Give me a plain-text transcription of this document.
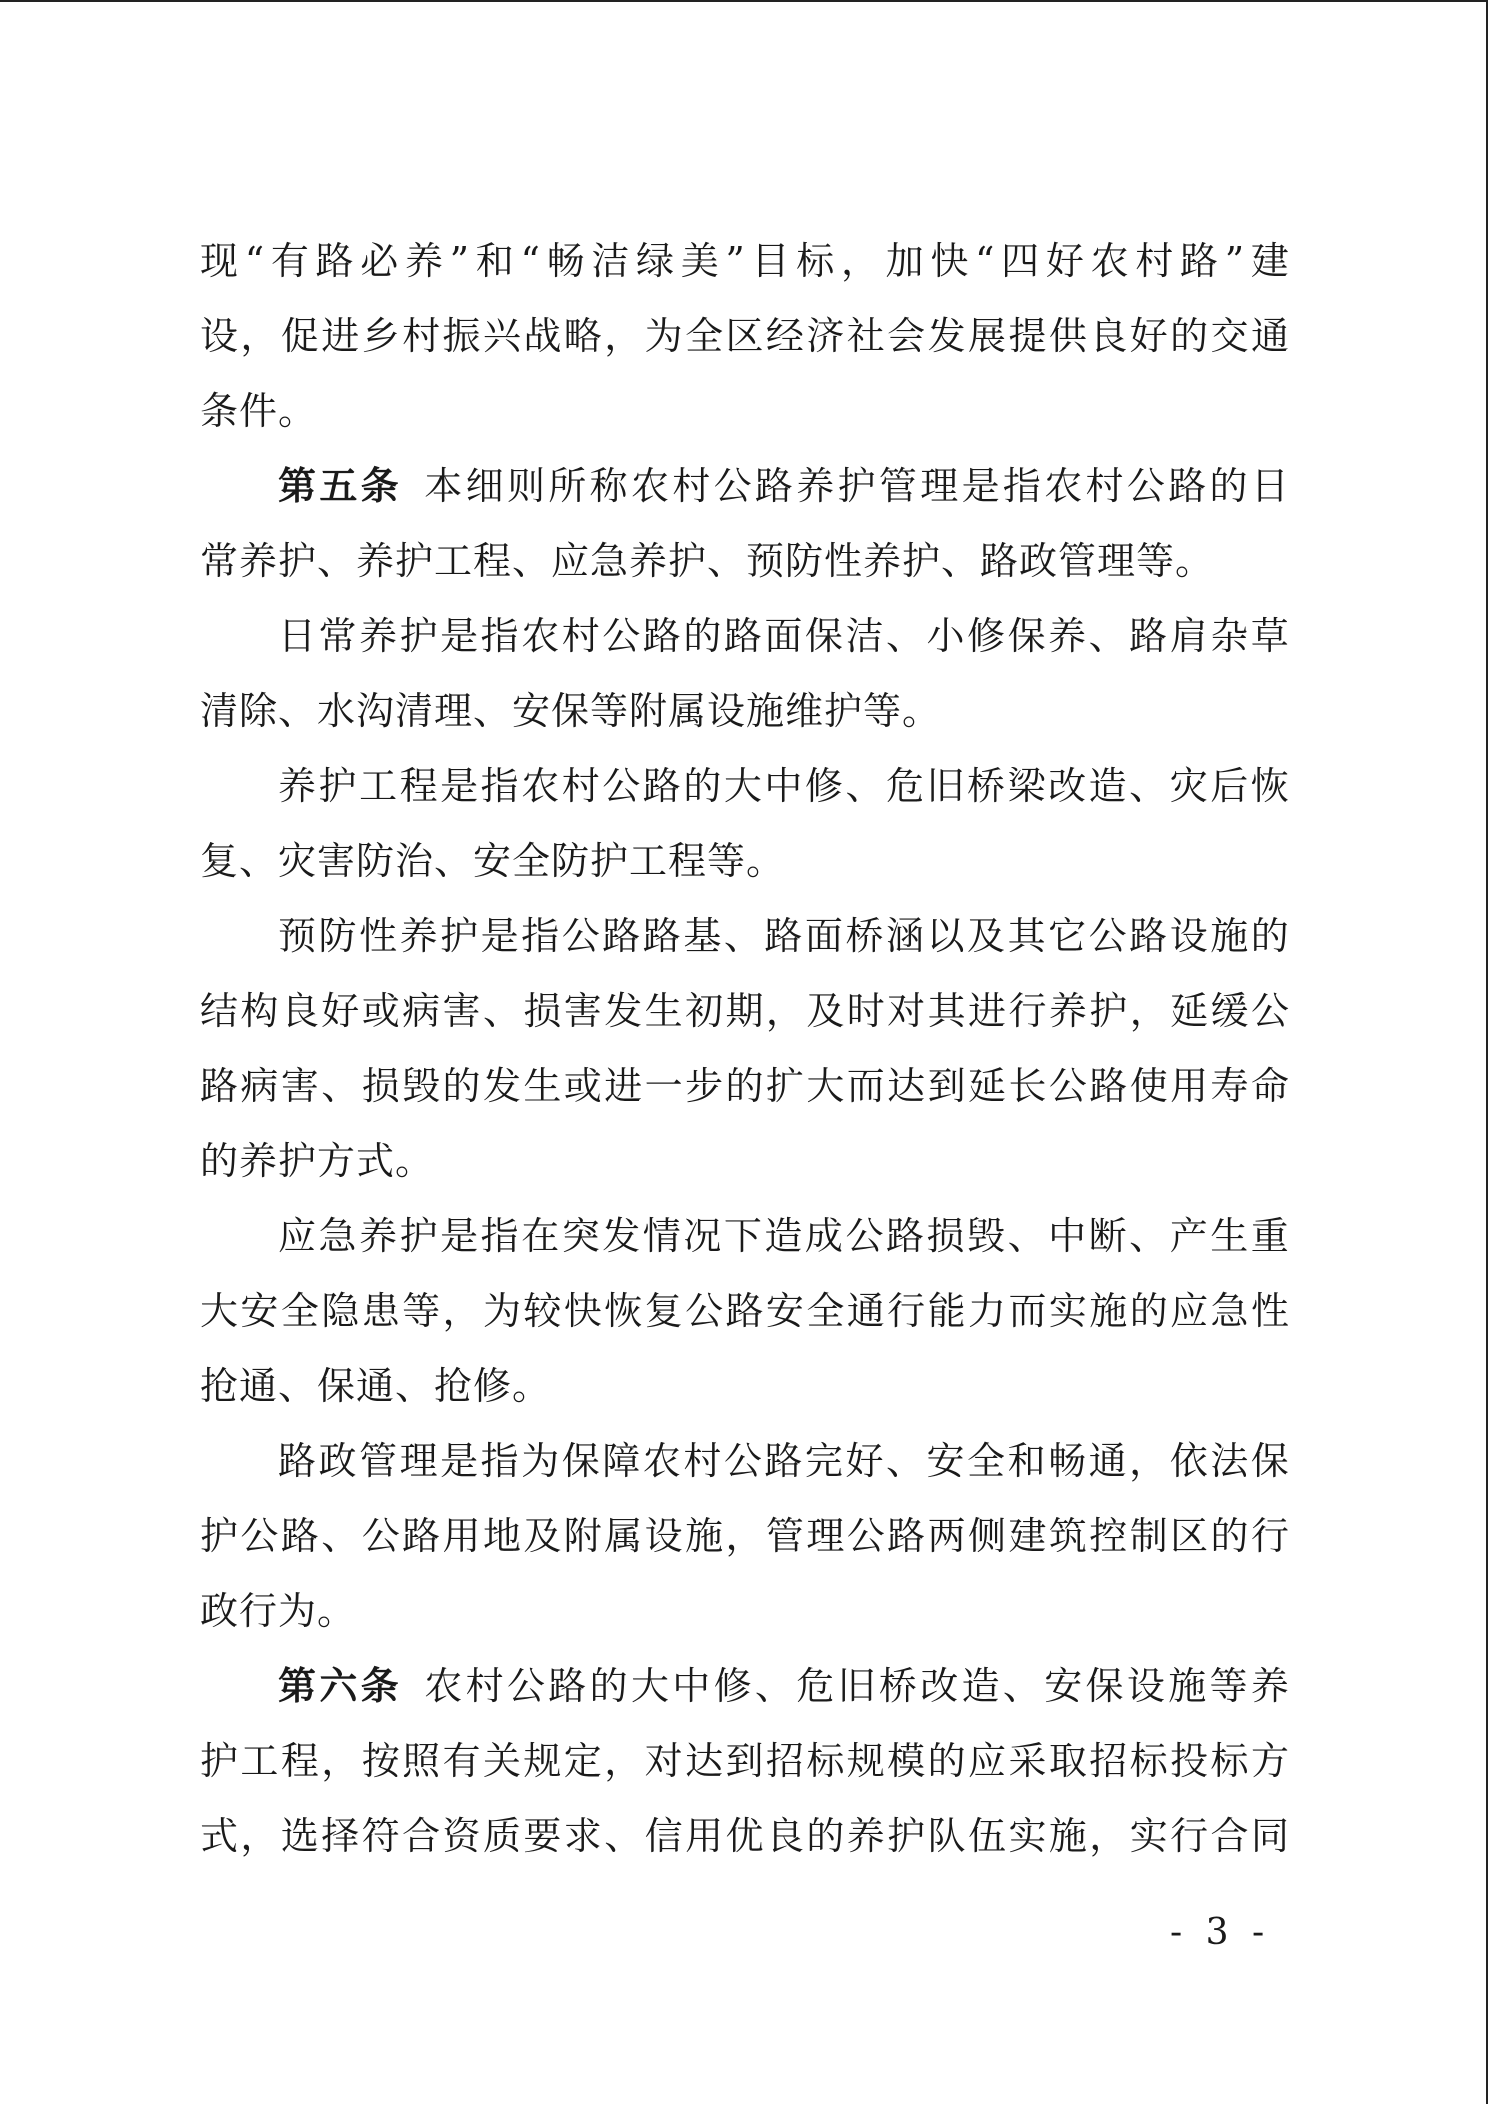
现 “ 有 路 必 养 ” 和 “ 畅 洁 绿 美 ” 目 标 ， 加 快 “ 四 好 农 村 路 ” 建
设 ， 促 进 乡 村 振 兴 战 略 ， 为 全 区 经 济 社 会 发 展 提 供 良 好 的 交 通
条件。
第 五 条
　 本 细 则 所 称 农 村 公 路 养 护 管 理 是 指 农 村 公 路 的 日
常养护、养护工程、应急养护、预防性养护、路政管理等。
日 常 养 护 是 指 农 村 公 路 的 路 面 保 洁 、 小 修 保 养 、 路 肩 杂 草
清除、水沟清理、安保等附属设施维护等。
养 护 工 程 是 指 农 村 公 路 的 大 中 修 、 危 旧 桥 梁 改 造 、 灾 后 恢
复、灾害防治、安全防护工程等。
预 防 性 养 护 是 指 公 路 路 基 、 路 面 桥 涵 以 及 其 它 公 路 设 施 的
结 构 良 好 或 病 害 、 损 害 发 生 初 期 ， 及 时 对 其 进 行 养 护 ， 延 缓 公
路 病 害 、 损 毁 的 发 生 或 进 一 步 的 扩 大 而 达 到 延 长 公 路 使 用 寿 命
的养护方式。
应 急 养 护 是 指 在 突 发 情 况 下 造 成 公 路 损 毁 、 中 断 、 产 生 重
大 安 全 隐 患 等 ， 为 较 快 恢 复 公 路 安 全 通 行 能 力 而 实 施 的 应 急 性
抢通、保通、抢修。
路 政 管 理 是 指 为 保 障 农 村 公 路 完 好 、 安 全 和 畅 通 ， 依 法 保
护 公 路 、 公 路 用 地 及 附 属 设 施 ， 管 理 公 路 两 侧 建 筑 控 制 区 的 行
政行为。
第 六 条
　 农 村 公 路 的 大 中 修 、 危 旧 桥 改 造 、 安 保 设 施 等 养
护 工 程 ， 按 照 有 关 规 定 ， 对 达 到 招 标 规 模 的 应 采 取 招 标 投 标 方
式 ， 选 择 符 合 资 质 要 求 、 信 用 优 良 的 养 护 队 伍 实 施 ， 实 行 合 同
- 3 -
